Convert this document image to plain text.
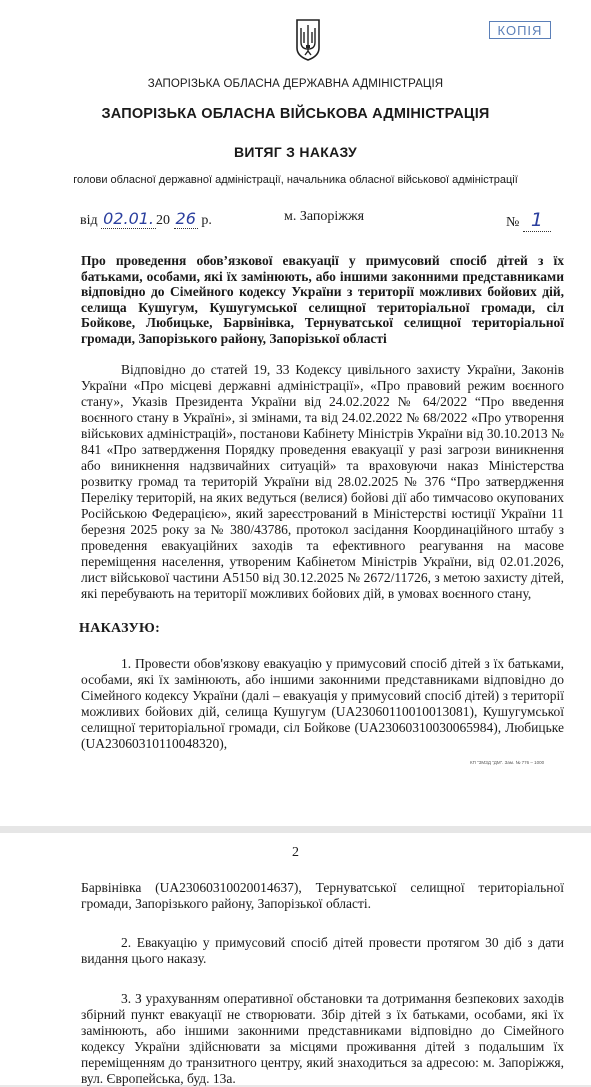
КОПІЯ
ЗАПОРІЗЬКА ОБЛАСНА ДЕРЖАВНА АДМІНІСТРАЦІЯ
ЗАПОРІЗЬКА ОБЛАСНА ВІЙСЬКОВА АДМІНІСТРАЦІЯ
ВИТЯГ З НАКАЗУ
голови обласної державної адміністрації, начальника обласної військової адміністрації
від 02.01. 20 26 р.	м. Запоріжжя	№ 1
Про проведення обов’язкової евакуації у примусовий спосіб дітей з їх батьками, особами, які їх замінюють, або іншими законними представниками відповідно до Сімейного кодексу України з території можливих бойових дій, селища Кушугум, Кушугумської селищної територіальної громади, сіл Бойкове, Любицьке, Барвінівка, Тернуватської селищної територіальної громади, Запорізького району, Запорізької області

Відповідно до статей 19, 33 Кодексу цивільного захисту України, Законів України «Про місцеві державні адміністрації», «Про правовий режим воєнного стану», Указів Президента України від 24.02.2022 № 64/2022 “Про введення воєнного стану в Україні», зі змінами, та від 24.02.2022 № 68/2022 «Про утворення військових адміністрацій», постанови Кабінету Міністрів України від 30.10.2013 № 841 «Про затвердження Порядку проведення евакуації у разі загрози виникнення або виникнення надзвичайних ситуацій» та враховуючи наказ Міністерства розвитку громад та територій України від 28.02.2025 № 376 “Про затвердження Переліку територій, на яких ведуться (велися) бойові дії або тимчасово окупованих Російською Федерацією», який зареєстрований в Міністерстві юстиції України 11 березня 2025 року за № 380/43786, протокол засідання Координаційного штабу з проведення евакуаційних заходів та ефективного реагування на масове переміщення населення, утвореним Кабінетом Міністрів України, від 02.01.2026, лист військової частини А5150 від 30.12.2025 № 2672/11726, з метою захисту дітей, які перебувають на території можливих бойових дій, в умовах воєнного стану,

НАКАЗУЮ:

1. Провести обов'язкову евакуацію у примусовий спосіб дітей з їх батьками, особами, які їх замінюють, або іншими законними представниками відповідно до Сімейного кодексу України (далі – евакуація у примусовий спосіб дітей) з території можливих бойових дій, селища Кушугум (UA23060110010013081), Кушугумської селищної територіальної громади, сіл Бойкове (UA23060310030065984), Любицьке (UA23060310110048320),

КП "ЗМЗД "ДМ". Зам. № 776 – 1000
2

Барвінівка (UA23060310020014637), Тернуватської селищної територіальної громади, Запорізького району, Запорізької області.

2. Евакуацію у примусовий спосіб дітей провести протягом 30 діб з дати видання цього наказу.

3. З урахуванням оперативної обстановки та дотримання безпекових заходів збірний пункт евакуації не створювати. Збір дітей з їх батьками, особами, які їх замінюють, або іншими законними представниками відповідно до Сімейного кодексу України здійснювати за місцями проживання дітей з подальшим їх переміщенням до транзитного центру, який знаходиться за адресою: м. Запоріжжя, вул. Європейська, буд. 13а.
